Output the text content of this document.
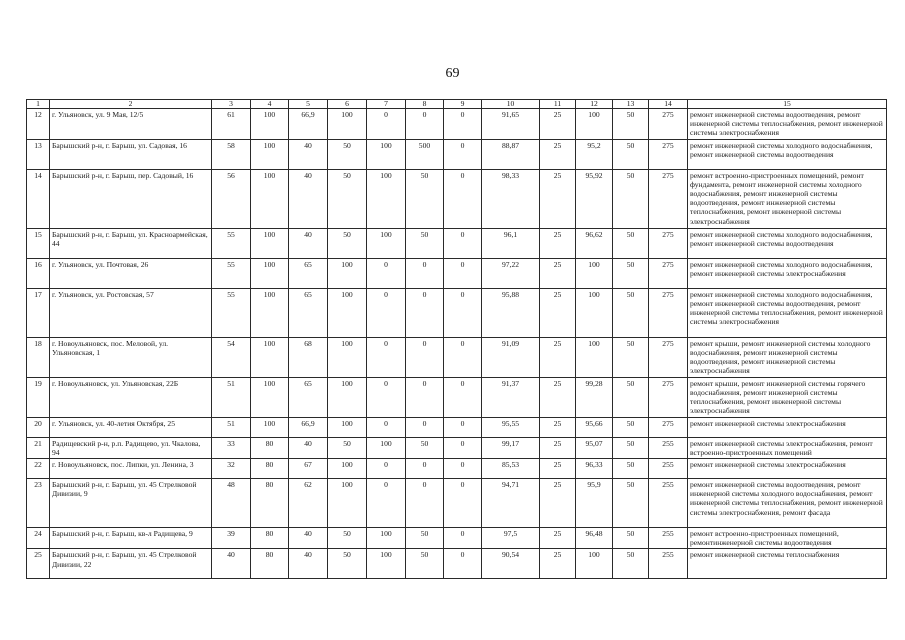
69
1	2	3	4	5	6	7	8	9	10	11	12	13	14	15
12	г. Ульяновск, ул. 9 Мая, 12/5	61	100	66,9	100	0	0	0	91,65	25	100	50	275	ремонт инженерной системы водоотведения, ремонт инженерной системы теплоснабжения, ремонт инженерной системы электроснабжения
13	Барышский р-н, г. Барыш, ул. Садовая, 16	58	100	40	50	100	500	0	88,87	25	95,2	50	275	ремонт инженерной системы холодного водоснабжения, ремонт инженерной системы водоотведения
14	Барышский р-н, г. Барыш, пер. Садовый, 16	56	100	40	50	100	50	0	98,33	25	95,92	50	275	ремонт встроенно-пристроенных помещений, ремонт фундамента, ремонт инженерной системы холодного водоснабжения, ремонт инженерной системы водоотведения, ремонт инженерной системы теплоснабжения, ремонт инженерной системы электроснабжения
15	Барышский р-н, г. Барыш, ул. Красноармейская, 44	55	100	40	50	100	50	0	96,1	25	96,62	50	275	ремонт инженерной системы холодного водоснабжения, ремонт инженерной системы водоотведения
16	г. Ульяновск, ул. Почтовая, 26	55	100	65	100	0	0	0	97,22	25	100	50	275	ремонт инженерной системы холодного водоснабжения, ремонт инженерной системы электроснабжения
17	г. Ульяновск, ул. Ростовская, 57	55	100	65	100	0	0	0	95,88	25	100	50	275	ремонт инженерной системы холодного водоснабжения, ремонт инженерной системы водоотведения, ремонт инженерной системы теплоснабжения, ремонт инженерной системы электроснабжения
18	г. Новоульяновск, пос. Меловой, ул. Ульяновская, 1	54	100	68	100	0	0	0	91,09	25	100	50	275	ремонт крыши, ремонт инженерной системы холодного водоснабжения, ремонт инженерной системы водоотведения, ремонт инженерной системы электроснабжения
19	г. Новоульяновск, ул. Ульяновская, 22Б	51	100	65	100	0	0	0	91,37	25	99,28	50	275	ремонт крыши, ремонт инженерной системы горячего водоснабжения, ремонт инженерной системы теплоснабжения, ремонт инженерной системы электроснабжения
20	г. Ульяновск, ул. 40-летия Октября, 25	51	100	66,9	100	0	0	0	95,55	25	95,66	50	275	ремонт инженерной системы электроснабжения
21	Радищевский р-н, р.п. Радищево, ул. Чкалова, 94	33	80	40	50	100	50	0	99,17	25	95,07	50	255	ремонт инженерной системы электроснабжения, ремонт встроенно-пристроенных помещений
22	г. Новоульяновск, пос. Липки, ул. Ленина, 3	32	80	67	100	0	0	0	85,53	25	96,33	50	255	ремонт инженерной системы электроснабжения
23	Барышский р-н, г. Барыш, ул. 45 Стрелковой Дивизии, 9	48	80	62	100	0	0	0	94,71	25	95,9	50	255	ремонт инженерной системы водоотведения, ремонт инженерной системы холодного водоснабжения, ремонт инженерной системы теплоснабжения, ремонт инженерной системы электроснабжения, ремонт фасада
24	Барышский р-н, г. Барыш, кв-л Радищева, 9	39	80	40	50	100	50	0	97,5	25	96,48	50	255	ремонт встроенно-пристроенных помещений, ремонтинженерной системы водоотведения
25	Барышский р-н, г. Барыш, ул. 45 Стрелковой Дивизии, 22	40	80	40	50	100	50	0	90,54	25	100	50	255	ремонт инженерной системы теплоснабжения
